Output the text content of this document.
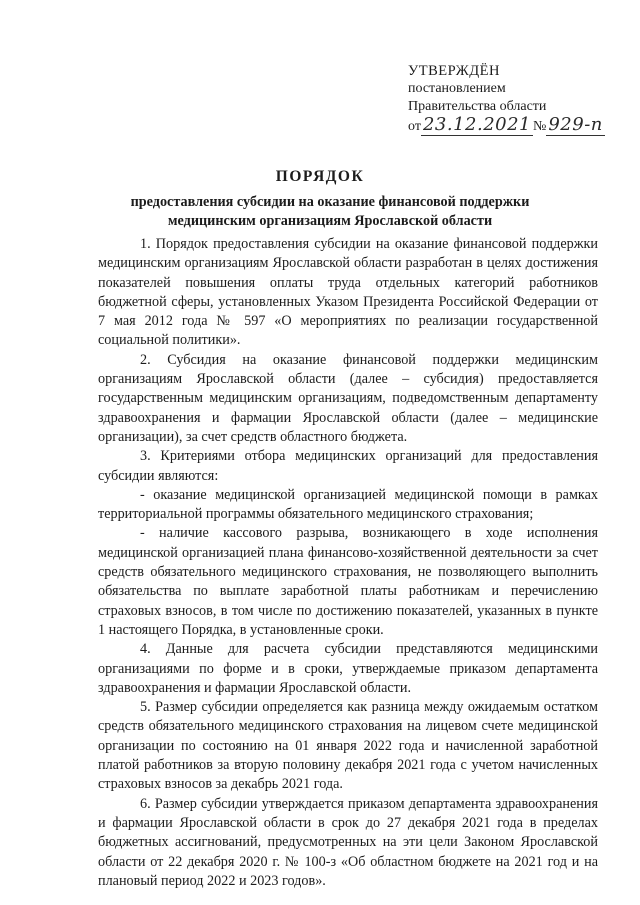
УТВЕРЖДЁН
постановлением
Правительства области
от 23.12.2021 № 929-п
ПОРЯДОК
предоставления субсидии на оказание финансовой поддержки медицинским организациям Ярославской области

1. Порядок предоставления субсидии на оказание финансовой поддержки медицинским организациям Ярославской области разработан в целях достижения показателей повышения оплаты труда отдельных категорий работников бюджетной сферы, установленных Указом Президента Российской Федерации от 7 мая 2012 года № 597 «О мероприятиях по реализации государственной социальной политики».

2. Субсидия на оказание финансовой поддержки медицинским организациям Ярославской области (далее – субсидия) предоставляется государственным медицинским организациям, подведомственным департаменту здравоохранения и фармации Ярославской области (далее – медицинские организации), за счет средств областного бюджета.

3. Критериями отбора медицинских организаций для предоставления субсидии являются:

- оказание медицинской организацией медицинской помощи в рамках территориальной программы обязательного медицинского страхования;

- наличие кассового разрыва, возникающего в ходе исполнения медицинской организацией плана финансово-хозяйственной деятельности за счет средств обязательного медицинского страхования, не позволяющего выполнить обязательства по выплате заработной платы работникам и перечислению страховых взносов, в том числе по достижению показателей, указанных в пункте 1 настоящего Порядка, в установленные сроки.

4. Данные для расчета субсидии представляются медицинскими организациями по форме и в сроки, утверждаемые приказом департамента здравоохранения и фармации Ярославской области.

5. Размер субсидии определяется как разница между ожидаемым остатком средств обязательного медицинского страхования на лицевом счете медицинской организации по состоянию на 01 января 2022 года и начисленной заработной платой работников за вторую половину декабря 2021 года с учетом начисленных страховых взносов за декабрь 2021 года.

6. Размер субсидии утверждается приказом департамента здравоохранения и фармации Ярославской области в срок до 27 декабря 2021 года в пределах бюджетных ассигнований, предусмотренных на эти цели Законом Ярославской области от 22 декабря 2020 г. № 100-з «Об областном бюджете на 2021 год и на плановый период 2022 и 2023 годов».
